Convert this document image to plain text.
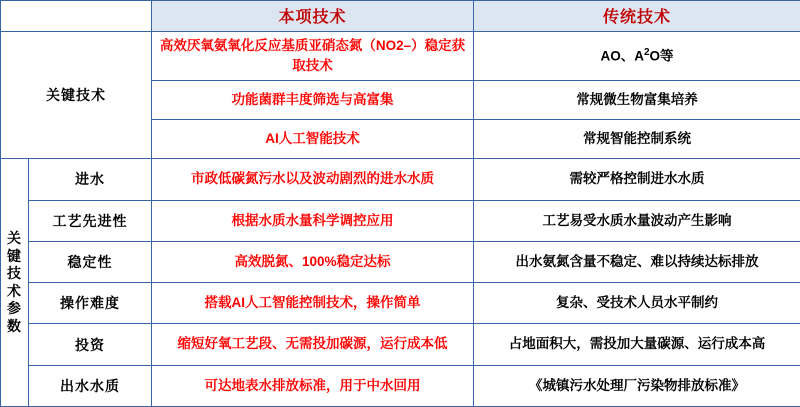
		本项技术	传统技术
关键技术		高效厌氧氨氧化反应基质亚硝态氮（NO2–）稳定获取技术	AO、$A^2O$等
		功能菌群丰度筛选与高富集	常规微生物富集培养
		AI人工智能技术	常规智能控制系统
关键技术参数	进水	市政低碳氮污水以及波动剧烈的进水水质	需较严格控制进水水质
	工艺先进性	根据水质水量科学调控应用	工艺易受水质水量波动产生影响
	稳定性	高效脱氮、100%稳定达标	出水氨氮含量不稳定、难以持续达标排放
	操作难度	搭载AI人工智能控制技术，操作简单	复杂、受技术人员水平制约
	投资	缩短好氧工艺段、无需投加碳源，运行成本低	占地面积大，需投加大量碳源、运行成本高
	出水水质	可达地表水排放标准，用于中水回用	《城镇污水处理厂污染物排放标准》
